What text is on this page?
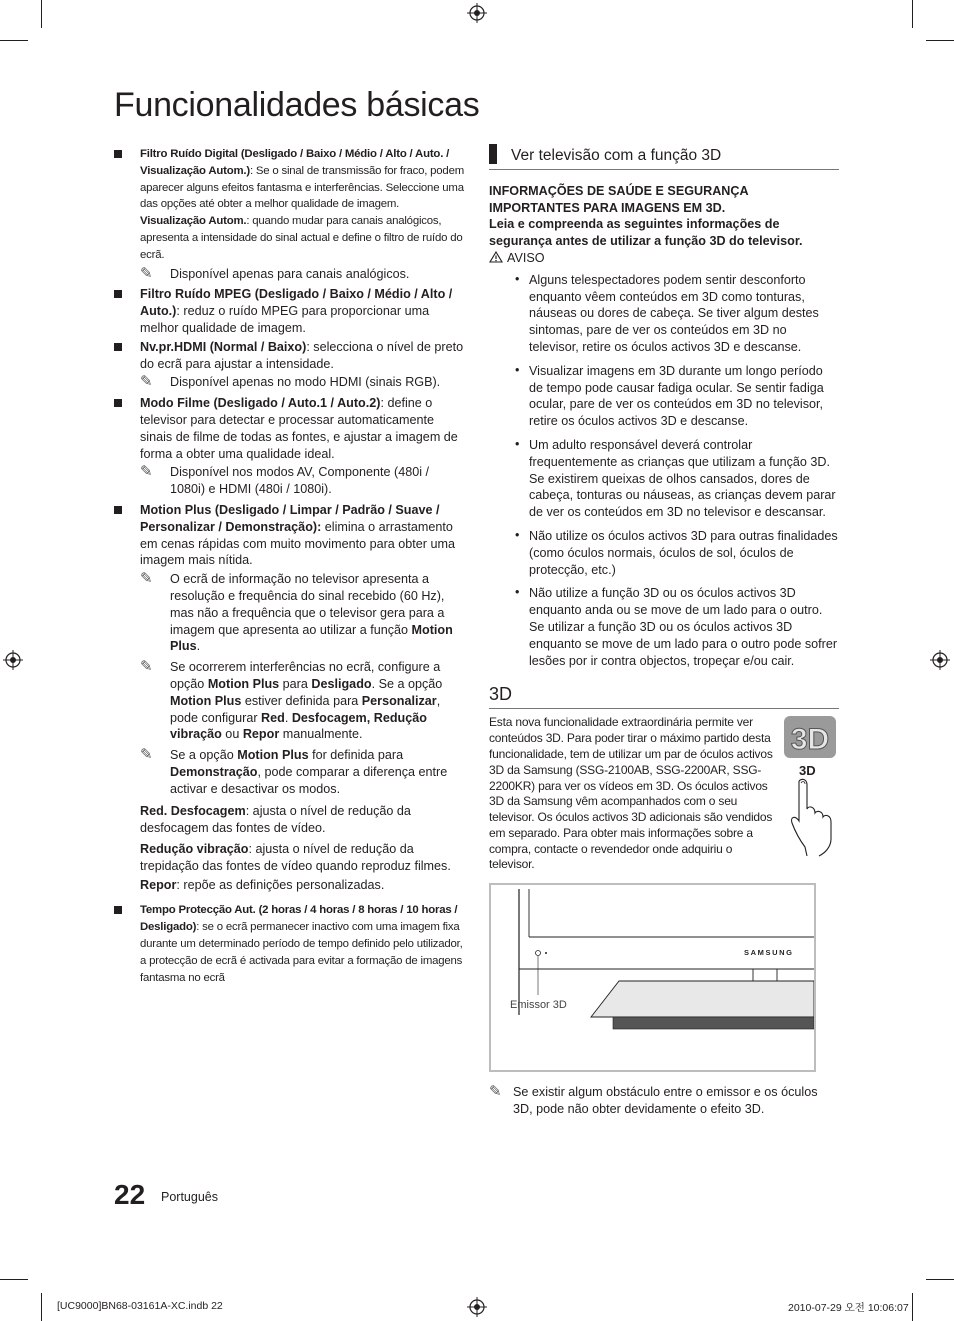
Funcionalidades básicas
Filtro Ruído Digital (Desligado / Baixo / Médio / Alto / Auto. / Visualização Autom.): Se o sinal de transmissão for fraco, podem aparecer alguns efeitos fantasma e interferências. Seleccione uma das opções até obter a melhor qualidade de imagem.
Visualização Autom.: quando mudar para canais analógicos, apresenta a intensidade do sinal actual e define o filtro de ruído do ecrã.
✎ Disponível apenas para canais analógicos.
Filtro Ruído MPEG (Desligado / Baixo / Médio / Alto / Auto.): reduz o ruído MPEG para proporcionar uma melhor qualidade de imagem.
Nv.pr.HDMI (Normal / Baixo): selecciona o nível de preto do ecrã para ajustar a intensidade.
✎ Disponível apenas no modo HDMI (sinais RGB).
Modo Filme (Desligado / Auto.1 / Auto.2): define o televisor para detectar e processar automaticamente sinais de filme de todas as fontes, e ajustar a imagem de forma a obter uma qualidade ideal.
✎ Disponível nos modos AV, Componente (480i / 1080i) e HDMI (480i / 1080i).
Motion Plus (Desligado / Limpar / Padrão / Suave / Personalizar / Demonstração): elimina o arrastamento em cenas rápidas com muito movimento para obter uma imagem mais nítida.
✎ O ecrã de informação no televisor apresenta a resolução e frequência do sinal recebido (60 Hz), mas não a frequência que o televisor gera para a imagem que apresenta ao utilizar a função Motion Plus.
✎ Se ocorrerem interferências no ecrã, configure a opção Motion Plus para Desligado. Se a opção Motion Plus estiver definida para Personalizar, pode configurar Red. Desfocagem, Redução vibração ou Repor manualmente.
✎ Se a opção Motion Plus for definida para Demonstração, pode comparar a diferença entre activar e desactivar os modos.
Red. Desfocagem: ajusta o nível de redução da desfocagem das fontes de vídeo.
Redução vibração: ajusta o nível de redução da trepidação das fontes de vídeo quando reproduz filmes.
Repor: repõe as definições personalizadas.
Tempo Protecção Aut. (2 horas / 4 horas / 8 horas / 10 horas / Desligado): se o ecrã permanecer inactivo com uma imagem fixa durante um determinado período de tempo definido pelo utilizador, a protecção de ecrã é activada para evitar a formação de imagens fantasma no ecrã
Ver televisão com a função 3D
INFORMAÇÕES DE SAÚDE E SEGURANÇA IMPORTANTES PARA IMAGENS EM 3D.
Leia e compreenda as seguintes informações de segurança antes de utilizar a função 3D do televisor.
AVISO
• Alguns telespectadores podem sentir desconforto enquanto vêem conteúdos em 3D como tonturas, náuseas ou dores de cabeça. Se tiver algum destes sintomas, pare de ver os conteúdos em 3D no televisor, retire os óculos activos 3D e descanse.
• Visualizar imagens em 3D durante um longo período de tempo pode causar fadiga ocular. Se sentir fadiga ocular, pare de ver os conteúdos em 3D no televisor, retire os óculos activos 3D e descanse.
• Um adulto responsável deverá controlar frequentemente as crianças que utilizam a função 3D. Se existirem queixas de olhos cansados, dores de cabeça, tonturas ou náuseas, as crianças devem parar de ver os conteúdos em 3D no televisor e descansar.
• Não utilize os óculos activos 3D para outras finalidades (como óculos normais, óculos de sol, óculos de protecção, etc.)
• Não utilize a função 3D ou os óculos activos 3D enquanto anda ou se move de um lado para o outro. Se utilizar a função 3D ou os óculos activos 3D enquanto se move de um lado para o outro pode sofrer lesões por ir contra objectos, tropeçar e/ou cair.
3D
Esta nova funcionalidade extraordinária permite ver conteúdos 3D. Para poder tirar o máximo partido desta funcionalidade, tem de utilizar um par de óculos activos 3D da Samsung (SSG-2100AB, SSG-2200AR, SSG-2200KR) para ver os vídeos em 3D. Os óculos activos 3D da Samsung vêm acompanhados com o seu televisor. Os óculos activos 3D adicionais são vendidos em separado. Para obter mais informações sobre a compra, contacte o revendedor onde adquiriu o televisor.
3D
3D
SAMSUNG
Emissor 3D
✎ Se existir algum obstáculo entre o emissor e os óculos 3D, pode não obter devidamente o efeito 3D.
22 Português
[UC9000]BN68-03161A-XC.indb 22	2010-07-29 오전 10:06:07
